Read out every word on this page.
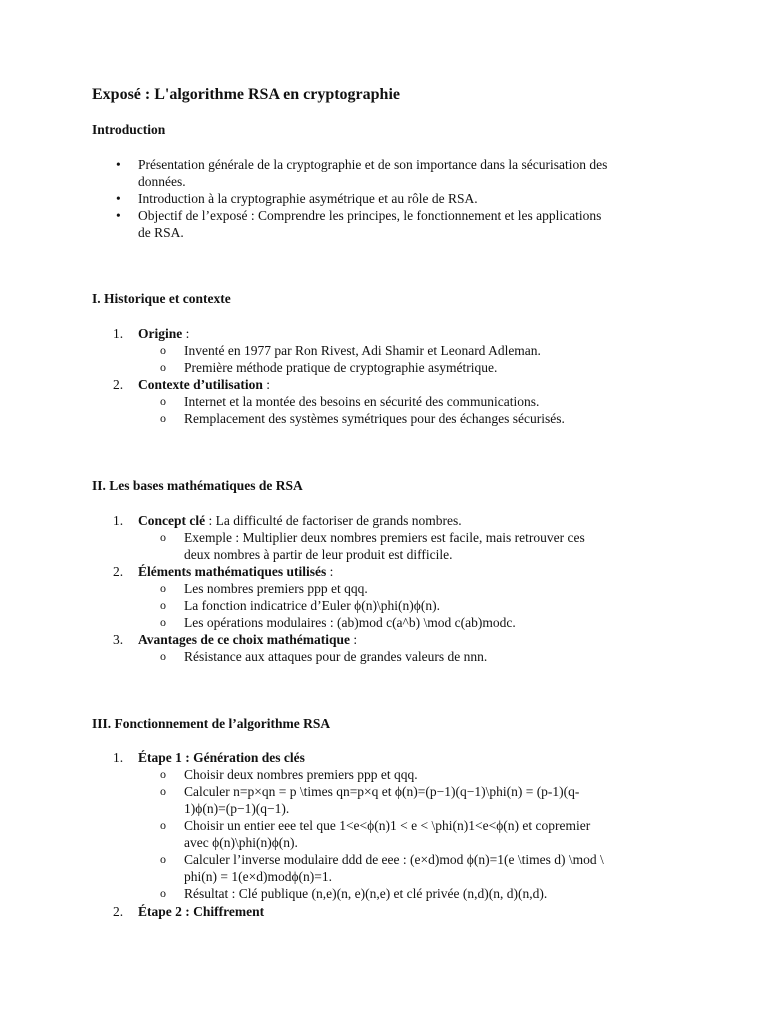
Exposé : L'algorithme RSA en cryptographie
Introduction
• Présentation générale de la cryptographie et de son importance dans la sécurisation des
données.
• Introduction à la cryptographie asymétrique et au rôle de RSA.
• Objectif de l’exposé : Comprendre les principes, le fonctionnement et les applications
de RSA.
I. Historique et contexte
1. Origine :
o Inventé en 1977 par Ron Rivest, Adi Shamir et Leonard Adleman.
o Première méthode pratique de cryptographie asymétrique.
2. Contexte d’utilisation :
o Internet et la montée des besoins en sécurité des communications.
o Remplacement des systèmes symétriques pour des échanges sécurisés.
II. Les bases mathématiques de RSA
1. Concept clé : La difficulté de factoriser de grands nombres.
o Exemple : Multiplier deux nombres premiers est facile, mais retrouver ces
deux nombres à partir de leur produit est difficile.
2. Éléments mathématiques utilisés :
o Les nombres premiers ppp et qqq.
o La fonction indicatrice d’Euler ϕ(n)\phi(n)ϕ(n).
o Les opérations modulaires : (ab)mod c(a^b) \mod c(ab)modc.
3. Avantages de ce choix mathématique :
o Résistance aux attaques pour de grandes valeurs de nnn.
III. Fonctionnement de l’algorithme RSA
1. Étape 1 : Génération des clés
o Choisir deux nombres premiers ppp et qqq.
o Calculer n=p×qn = p \times qn=p×q et ϕ(n)=(p−1)(q−1)\phi(n) = (p-1)(q-
1)ϕ(n)=(p−1)(q−1).
o Choisir un entier eee tel que 1<e<ϕ(n)1 < e < \phi(n)1<e<ϕ(n) et copremier
avec ϕ(n)\phi(n)ϕ(n).
o Calculer l’inverse modulaire ddd de eee : (e×d)mod ϕ(n)=1(e \times d) \mod \
phi(n) = 1(e×d)modϕ(n)=1.
o Résultat : Clé publique (n,e)(n, e)(n,e) et clé privée (n,d)(n, d)(n,d).
2. Étape 2 : Chiffrement
